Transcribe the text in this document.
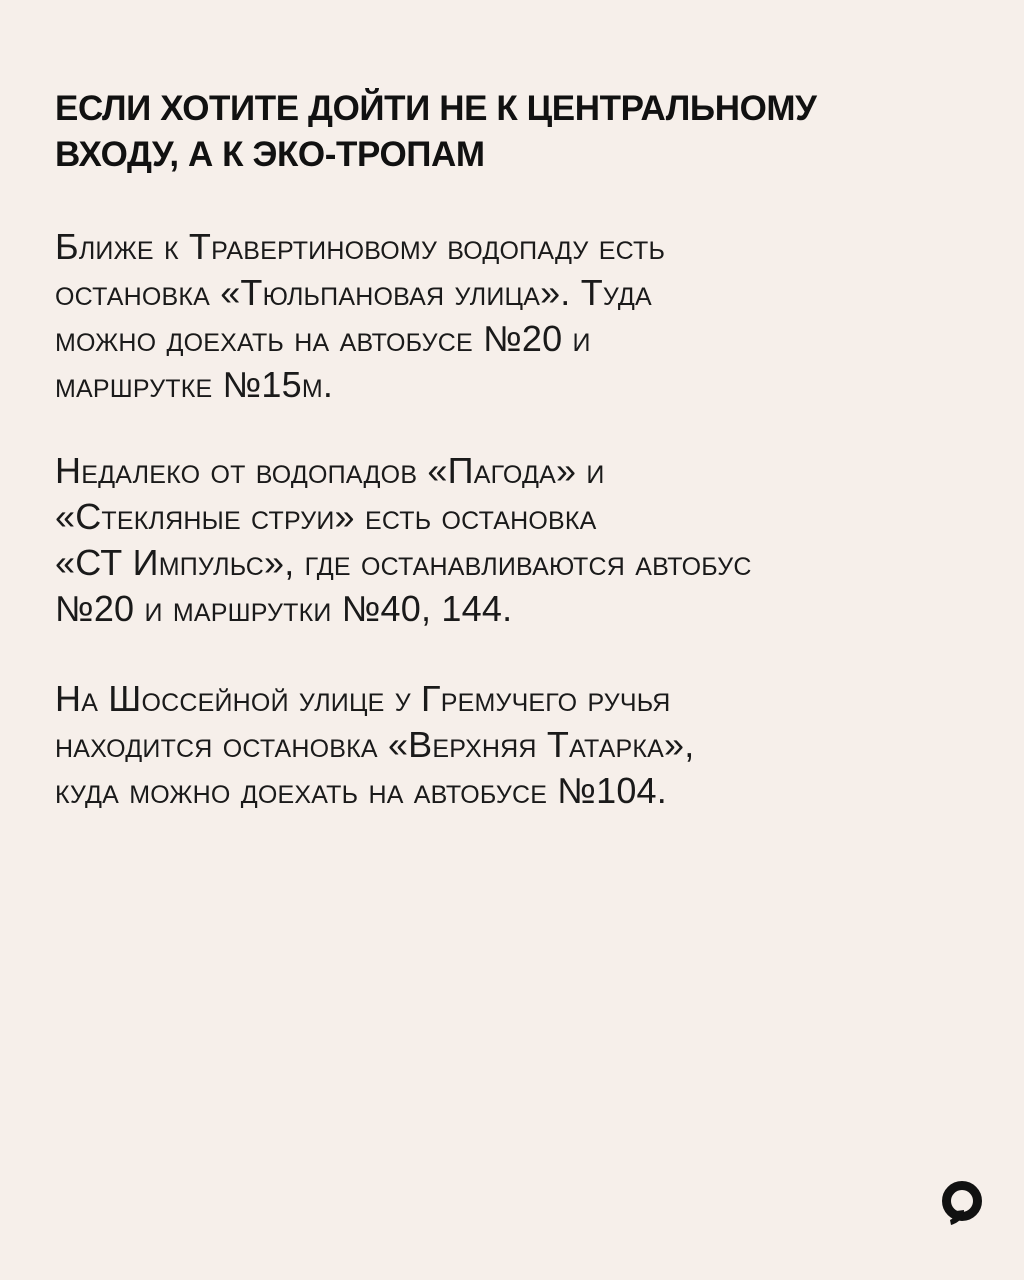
ЕСЛИ ХОТИТЕ ДОЙТИ НЕ К ЦЕНТРАЛЬНОМУ
ВХОДУ, А К ЭКО-ТРОПАМ

Ближе к Травертиновому водопаду есть
остановка «Тюльпановая улица». Туда
можно доехать на автобусе №20 и
маршрутке №15м.

Недалеко от водопадов «Пагода» и
«Стекляные струи» есть остановка
«СТ Импульс», где останавливаются автобус
№20 и маршрутки №40, 144.

На Шоссейной улице у Гремучего ручья
находится остановка «Верхняя Татарка»,
куда можно доехать на автобусе №104.
